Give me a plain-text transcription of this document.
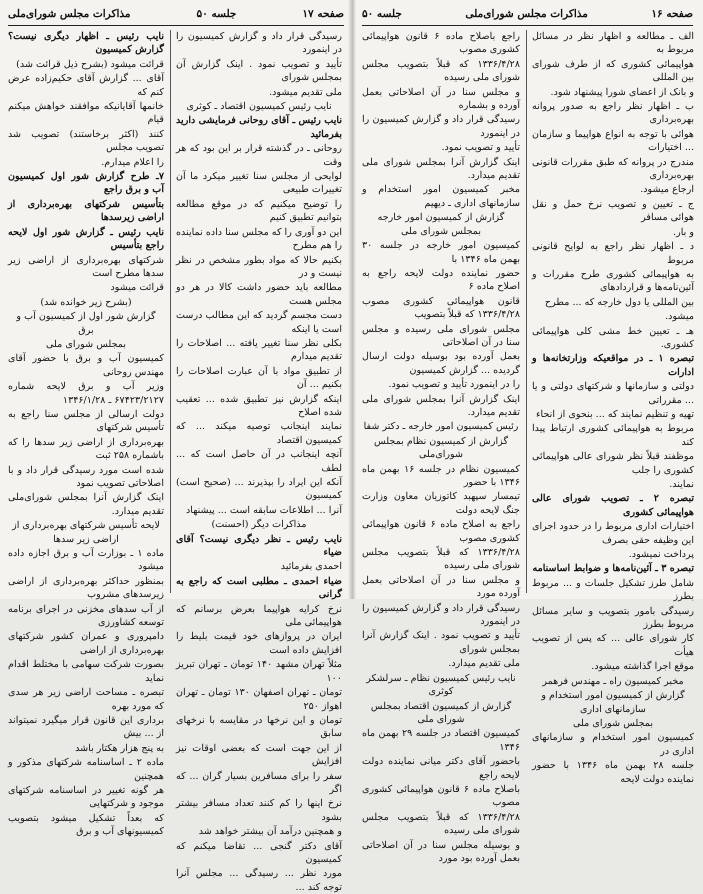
صفحه ۱۷
جلسه ۵۰
مذاکرات مجلس شورای‌ملی

رسیدگی قرار داد و گزارش کمیسیون را در اینمورد

تأیید و تصویب نمود . اینک گزارش آن بمجلس شورای

ملی تقدیم میشود.

نایب رئیس کمیسیون اقتصاد ـ کوثری

نایب رئیس ـ آقای روحانی فرمایشی دارید بفرمائید

روحانی ـ در گذشته قرار بر این بود که هر وقت

لوایحی از مجلس سنا تغییر میکرد ما آن تغییرات طبیعی

را توضیح میکنیم که در موقع مطالعه بتوانیم تطبیق کنیم

این دو آوری را که مجلس سنا داده نماینده را هم مطرح

بکنیم حالا که مواد بطور مشخص در نظر نیست و در

مطالعه باید حضور داشت کالا در هر دو مجلس هست

دست مجسم گردید که این مطالب درست است یا اینکه

بکلی نظر سنا تغییر یافته ... اصلاحات را تقدیم میدارم

از تطبیق مواد با آن عبارت اصلاحات را بکنیم ... آن

اینکه گزارش نیز تطبیق شده ... تعقیب شده اصلاح

نمایند اینجانب توصیه میکند ... که کمیسیون اقتصاد

آنچه اینجانب در آن حاصل است که ... لطف

آنکه این ایراد را بپذیرند ... (صحیح است) کمیسیون

آنرا ... اطلاعات سابقه است ... پیشنهاد

مذاکرات دیگر (احسنت)

نایب رئیس ـ نظر دیگری نیست؟ آقای ضیاء

احمدی بفرمائید

ضیاء احمدی ـ مطلبی است که راجع به گرانی

نرخ کرایه هواپیما بعرض برسانم که هواپیمائی ملی

ایران در پروازهای خود قیمت بلیط را افزایش داده است

مثلاً تهران مشهد ۱۴۰ تومان ـ تهران تبریز ۱۰۰

تومان ـ تهران اصفهان ۱۳۰ تومان ـ تهران اهواز ۲۵۰

تومان و این نرخها در مقایسه با نرخهای سابق

از این جهت است که بعضی اوقات نیز افزایش

سفر را برای مسافرین بسیار گران ... که اگر

نرخ اینها را کم کنند تعداد مسافر بیشتر بشود

و همچنین درآمد آن بیشتر خواهد شد

آقای دکتر گنجی ... تقاضا میکنم که کمیسیون

مورد نظر ... رسیدگی ... مجلس آنرا توجه کند ...

نایب رئیس ـ اظهار دیگری نیست؟ گزارش کمیسیون

قرائت میشود (بشرح ذیل قرائت شد)

آقای ... گزارش آقای حکیم‌زاده عرض کنم که

خانمها آقایانیکه موافقند خواهش میکنم قیام

کنند (اکثر برخاستند) تصویب شد تصویب مجلس

را اعلام میدارم.

۷ـ طرح گزارش شور اول کمیسیون آب و برق راجع

بتأسیس شرکتهای بهره‌برداری از اراضی زیرسدها

نایب رئیس ـ گزارش شور اول لایحه راجع بتأسیس

شرکتهای بهره‌برداری از اراضی زیر سدها مطرح است

قرائت میشود

(بشرح زیر خوانده شد)

گزارش شور اول از کمیسیون آب و برق

بمجلس شورای ملی

کمیسیون آب و برق با حضور آقای مهندس روحانی

وزیر آب و برق لایحه شماره ۶۷۴۲۳/۲۱۲۷ ـ ۱۳۴۶/۱/۲۸

دولت ارسالی از مجلس سنا راجع به تأسیس شرکتهای

بهره‌برداری از اراضی زیر سدها را که باشماره ۲۵۸ ثبت

شده است مورد رسیدگی قرار داد و با اصلاحاتی تصویب نمود

اینک گزارش آنرا بمجلس شورای‌ملی تقدیم میدارد.

لایحه تأسیس شرکتهای بهره‌برداری از اراضی زیر سدها

ماده ۱ ـ بوزارت آب و برق اجازه داده میشود

بمنظور حداکثر بهره‌برداری از اراضی زیرسدهای مشروب

از آب سدهای مخزنی در اجرای برنامه توسعه کشاورزی

دامپروری و عمران کشور شرکتهای بهره‌برداری از اراضی

بصورت شرکت سهامی با مختلط اقدام نماید

تبصره ـ مساحت اراضی زیر هر سدی که مورد بهره

برداری این قانون قرار میگیرد نمیتواند از ... بیش

به پنج هزار هکتار باشد

ماده ۲ ـ اساسنامه شرکتهای مذکور و همچنین

هر گونه تغییر در اساسنامه شرکتهای موجود و شرکتهایی

که بعداً تشکیل میشود بتصویب کمیسیونهای آب و برق

صفحه ۱۶
مذاکرات مجلس شورای‌ملی
جلسه ۵۰

الف ـ مطالعه و اظهار نظر در مسائل مربوط به

هواپیمائی کشوری که از طرف شورای بین المللی

و بانک از اعضای شورا پیشنهاد شود.

ب ـ اظهار نظر راجع به صدور پروانه بهره‌برداری

هوائی با توجه به انواع هواپیما و سازمان ... اختیارات

مندرج در پروانه که طبق مقررات قانونی بهره‌برداری

ارجاع میشود.

ج ـ تعیین و تصویب نرخ حمل و نقل هوائی مسافر

و بار.

د ـ اظهار نظر راجع به لوایح قانونی مربوط

به هواپیمائی کشوری طرح مقررات و آئین‌نامه‌ها و قراردادهای

بین المللی یا دول خارجه که ... مطرح

میشود.

هـ ـ تعیین خط مشی کلی هواپیمائی کشوری.

تبصره ۱ ـ در مواقعیکه وزارتخانه‌ها و ادارات

دولتی و سازمانها و شرکتهای دولتی و یا ... مقرراتی

تهیه و تنظیم نمایند که ... بنحوی از انحاء

مربوط به هواپیمائی کشوری ارتباط پیدا کند

موظفند قبلاً نظر شورای عالی هواپیمائی کشوری را جلب

نمایند.

تبصره ۲ ـ تصویب شورای عالی هواپیمائی کشوری

اختیارات اداری مربوط را در حدود اجرای این وظیفه حقی بصرف

پرداخت نمیشود.

تبصره ۳ ـ آئین‌نامه‌ها و ضوابط اساسنامه

شامل طرز تشکیل جلسات و ... مربوط بطرز

رسیدگی بامور بتصویب و سایر مسائل مربوط بطرز

کار شورای عالی ... که پس از تصویب هیأت

موقع اجرا گذاشته میشود.

مخبر کمیسیون راه ـ مهندس فرهمر

گزارش از کمیسیون امور استخدام و سازمانهای اداری

بمجلس شورای ملی

کمیسیون امور استخدام و سازمانهای اداری در

جلسه ۲۸ بهمن ماه ۱۳۴۶ با حضور نماینده دولت لایحه

راجع باصلاح ماده ۶ قانون هواپیمائی کشوری مصوب

۱۳۳۶/۴/۲۸ که قبلاً بتصویب مجلس شورای ملی رسیده

و مجلس سنا در آن اصلاحاتی بعمل آورده و بشماره

رسیدگی قرار داد و گزارش کمیسیون را در اینمورد

تأیید و تصویب نمود.

اینک گزارش آنرا بمجلس شورای ملی تقدیم میدارد.

مخبر کمیسیون امور استخدام و سازمانهای اداری ـ دیهیم

گزارش از کمیسیون امور خارجه بمجلس شورای ملی

کمیسیون امور خارجه در جلسه ۳۰ بهمن ماه ۱۳۴۶ با

حضور نماینده دولت لایحه راجع به اصلاح ماده ۶

قانون هواپیمائی کشوری مصوب ۱۳۳۶/۴/۲۸ که قبلاً بتصویب

مجلس شورای ملی رسیده و مجلس سنا در آن اصلاحاتی

بعمل آورده بود بوسیله دولت ارسال گردیده ... گزارش کمیسیون

را در اینمورد تأیید و تصویب نمود.

اینک گزارش آنرا بمجلس شورای ملی تقدیم میدارد.

رئیس کمیسیون امور خارجه ـ دکتر شفا

گزارش از کمیسیون نظام بمجلس شورای‌ملی

کمیسیون نظام در جلسه ۱۶ بهمن ماه ۱۳۴۶ با حضور

تیمسار سپهبد کاتوزیان معاون وزارت جنگ لایحه دولت

راجع به اصلاح ماده ۶ قانون هواپیمائی کشوری مصوب

۱۳۳۶/۴/۲۸ که قبلاً بتصویب مجلس شورای ملی رسیده

و مجلس سنا در آن اصلاحاتی بعمل آورده مورد

رسیدگی قرار داد و گزارش کمیسیون را در اینمورد

تأیید و تصویب نمود . اینک گزارش آنرا بمجلس شورای

ملی تقدیم میدارد.

نایب رئیس کمیسیون نظام ـ سرلشکر کوثری

گزارش از کمیسیون اقتصاد بمجلس شورای ملی

کمیسیون اقتصاد در جلسه ۲۹ بهمن ماه ۱۳۴۶

باحضور آقای دکتر میانی نماینده دولت لایحه راجع

باصلاح ماده ۶ قانون هواپیمائی کشوری مصوب

۱۳۳۶/۴/۲۸ که قبلاً بتصویب مجلس شورای ملی رسیده

و بوسیله مجلس سنا در آن اصلاحاتی بعمل آورده بود مورد
